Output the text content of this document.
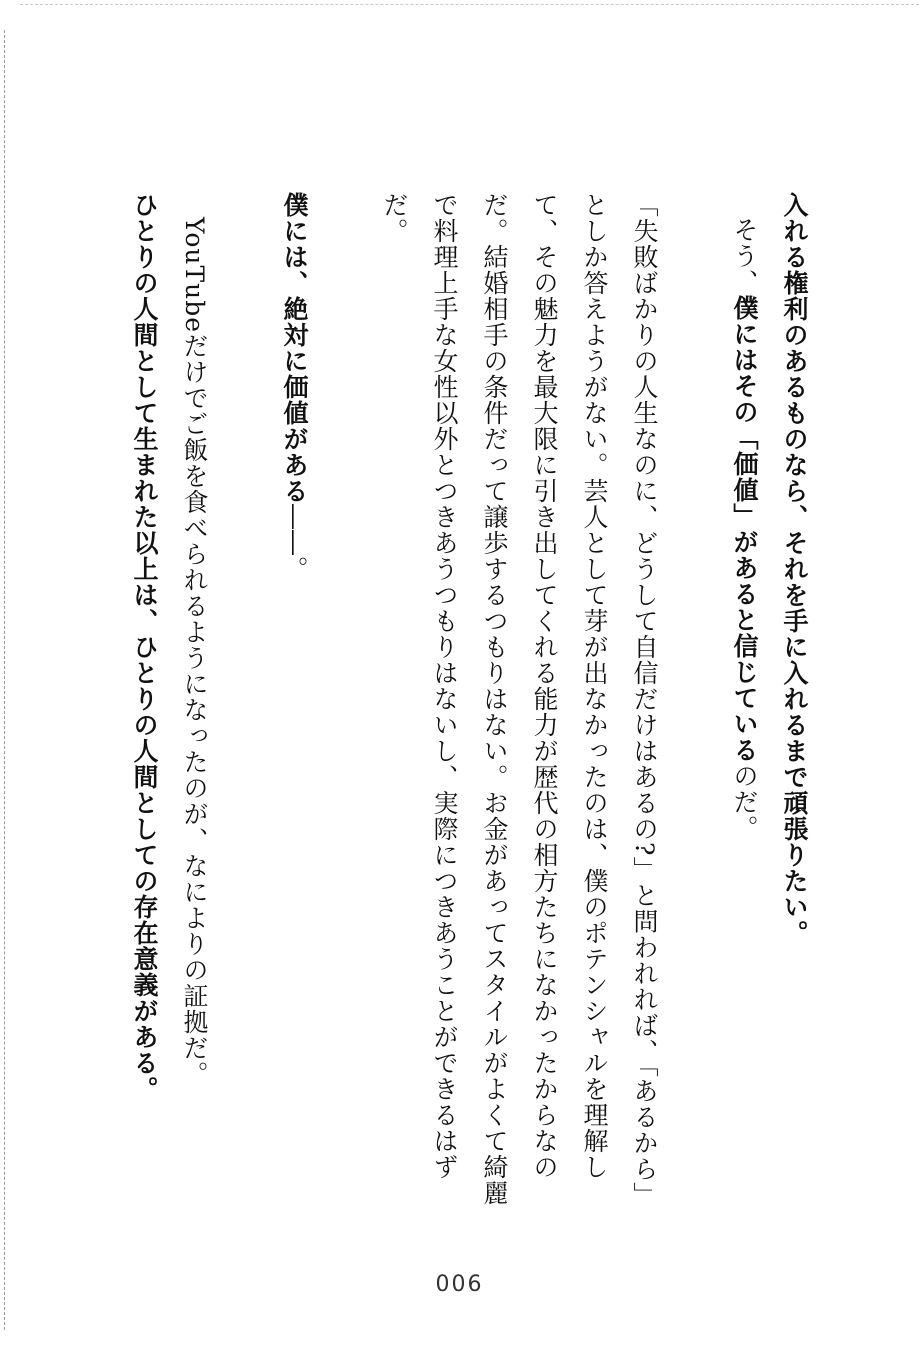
入れる権利のあるものなら、それを手に入れるまで頑張りたい。

そう、僕にはその「価値」があると信じているのだ。

「失敗ばかりの人生なのに、どうして自信だけはあるの?」と問われれば、「あるから」としか答えようがない。芸人として芽が出なかったのは、僕のポテンシャルを理解して、その魅力を最大限に引き出してくれる能力が歴代の相方たちになかったからなのだ。結婚相手の条件だって譲歩するつもりはない。お金があってスタイルがよくて綺麗で料理上手な女性以外とつきあうつもりはないし、実際につきあうことができるはずだ。

僕には、絶対に価値がある――。

YouTubeだけでご飯を食べられるようになったのが、なによりの証拠だ。

ひとりの人間として生まれた以上は、ひとりの人間としての存在意義がある。

006
